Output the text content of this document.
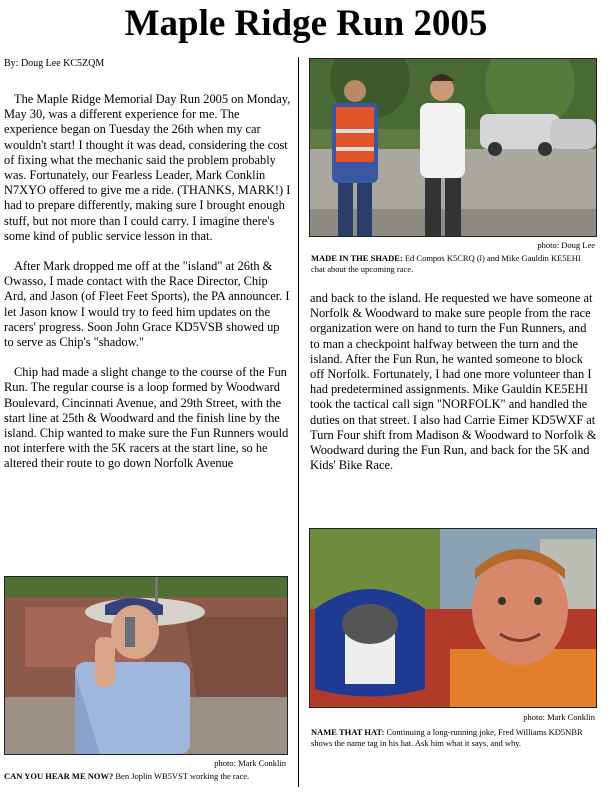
Maple Ridge Run 2005
By: Doug Lee KC5ZQM

The Maple Ridge Memorial Day Run 2005 on Monday, May 30, was a different experience for me. The experience began on Tuesday the 26th when my car wouldn't start! I thought it was dead, considering the cost of fixing what the mechanic said the problem probably was. Fortunately, our Fearless Leader, Mark Conklin N7XYO offered to give me a ride. (THANKS, MARK!) I had to prepare differently, making sure I brought enough stuff, but not more than I could carry. I imagine there's some kind of public service lesson in that.

After Mark dropped me off at the "island" at 26th & Owasso, I made contact with the Race Director, Chip Ard, and Jason (of Fleet Feet Sports), the PA announcer. I let Jason know I would try to feed him updates on the racers' progress. Soon John Grace KD5VSB showed up to serve as Chip's "shadow."

Chip had made a slight change to the course of the Fun Run. The regular course is a loop formed by Woodward Boulevard, Cincinnati Avenue, and 29th Street, with the start line at 25th & Woodward and the finish line by the island. Chip wanted to make sure the Fun Runners would not interfere with the 5K racers at the start line, so he altered their route to go down Norfolk Avenue

photo: Doug Lee
MADE IN THE SHADE: Ed Compos K5CRQ (l) and Mike Gauldin KE5EHI chat about the upcoming race.

and back to the island. He requested we have someone at Norfolk & Woodward to make sure people from the race organization were on hand to turn the Fun Runners, and to man a checkpoint halfway between the turn and the island. After the Fun Run, he wanted someone to block off Norfolk. Fortunately, I had one more volunteer than I had predetermined assignments. Mike Gauldin KE5EHI took the tactical call sign "NORFOLK" and handled the duties on that street. I also had Carrie Eimer KD5WXF at Turn Four shift from Madison & Woodward to Norfolk & Woodward during the Fun Run, and back for the 5K and Kids' Bike Race.

photo: Mark Conklin
NAME THAT HAT: Continuing a long-running joke, Fred Williams KD5NBR shows the name tag in his hat. Ask him what it says, and why.
photo: Mark Conklin
CAN YOU HEAR ME NOW? Ben Joplin WB5VST working the race.
